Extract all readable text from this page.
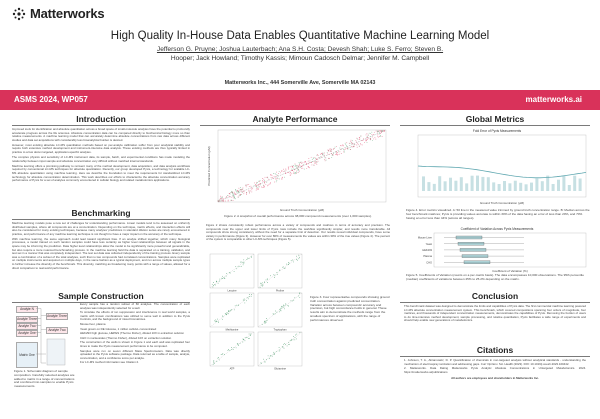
Matterworks
High Quality In-House Data Enables Quantitative Machine Learning Model
Jefferson G. Pruyne; Joshua Lauterbach; Ana S.H. Costa; Devesh Shah; Luke S. Ferro; Steven B.
Hooper; Jack Howland; Timothy Kassis; Mimoun Cadosch Delmar; Jennifer M. Campbell
Matterworks Inc., 444 Somerville Ave, Somerville MA 02143
ASMS 2024, WP057	matterworks.ai
Introduction
Improved tools for identification and absolute quantitation across a broad space of small-molecule analytes have the potential to profoundly accelerate progress across the life sciences. Absolute concentration data can be compared directly to biochemical biology more so than relative measurements. A machine learning model that can accurately determine absolute concentrations from raw data across different studies and data set acquisitions with considerably less bioanalytical burden is desired.
However, most existing absolute LC-MS quantitation methods based on per-analyte calibration suffer from poor analytical stability and require both extensive method development and instrument-intensive data analysis. These existing methods are thus typically limited in practice to a few dozen targeted, application-specific analytes.
The complex physics and sensitivity of LC-MS instrument data, its sample, batch, and experimental conditions has made modeling the relationship between input sample and absolute concentration very difficult without matched internal standards.
Machine learning offers a promising pathway to reinvent many of the method development, data acquisition, and data analysis workflows required by conventional LC-MS techniques for absolute quantitation. Recently, our group developed Pyxis, a technology for scalable LC-MS absolute quantitation using machine learning. Here we describe the foundation to meet the requirements for standardized LC-MS technology for absolute concentration determination. This work describes our efforts to characterize the absolute concentration accuracy performance of Pyxis for a set of analytes commonly encountered in cellular biology and related metabolomics applications.
Benchmarking
Machine learning models pose a new set of challenges for understanding performance. Linear models tend to be assessed on uniformly distributed samples, where all compounds are at a concentration. Depending on the technique, matrix effects, and interaction effects will also be considered for many existing techniques, because many analytes' predictions in standard dilution series are rarely encountered in practice, and performance of any machine learning technique is not thought to have a major impact on the accuracy of the technique.
With machine learning, the same approach could lead toward significant bias. If an analyte shifted together, which many biological processes, a model trained on such random samples could have less certainty as higher level relationships between all signals in the space may be informing the prediction. Data higher level relationships allow the model to be significantly more powerful and generalizable, but also require a more nuanced benchmarking process. In the machine learning field the data is separated on a training, validation, and test set in a manner that was completely independent. The test set data was collected independently of the training process. Every sample was a combination of a subset of the total analytes, such that no two compounds had correlated concentrations. Samples were replicated on multiple instruments and acquired on multiple days, in the same fashion as a typical deployment, and run across multiple sample types to further increase the diversity of the benchmark. This diversity, matching as broadening many points with a range of values, allowed for a direct comparison to real-world performance.
Sample Construction
Analyte N
Analyte Three
Analyte Two
Analyte One
Matrix One
Analyte Three
Analyte Two
Figure 1. Schematic diagram of sample composition. Carefully selected analytes are added to matrix in a range of concentrations and combined into samples to enable Pyxis measurements.
Every sample has a random subset of 60 analytes. The concentration of each analytes was independently selected for a well.
To simulate the effects of ion suppression and interference in real world samples, a matrix with known combinations was utilized to serve well in addition to the Pyxis Controls, and the background of mixed biomatrices.
Mouse liver, plasma
Yeast grown on DE Glucose, 1 million cells/uL concentrated
HEK293 high glucose, HEPES (Thermo Fisher), diluted 10X in extraction solution
CHO in nucleosides (Thermo Fisher), diluted 10X on extraction solution
The construction of the wells is shown in Figure 1 and each well was replicated four times to make the Pyxis measurement performance to be computed.
Samples were run on seven different Mass Spectrometers. Data was directly uploaded to the Pyxis software package. Data returned as a table of sample, analyte, concentration, and a confidence score per analyte.
For LC-MS method information see Citation 2.
Analyte Performance
Ground Truth Concentration (µM)
Predicted Concentration (µM)
Figure 2. A snapshot of overall performance across 38,000 compound measurements (over 1,000 samples).
Figure 2 shows consistently robust performance across a variety of compounds and matrices in terms of accuracy and precision. The compounds near the upper and lower limits of Pyxis rows include the workflow significantly simpler, and results more transferable. All compounds show strong consistency without the need for a separate limit of detection. Our results reveal individual compounds, have some variety in performance (Figure 3). However for over 80% of measurements the values are within 30% of the true values (Figure 4). The percent of the system is comparable to other LC-MS techniques (Figure 5).
Leucine	Proline
Methionine	Tryptophan
ATP	Glutamine
Figure 3. Four representative compounds showing ground truth concentration against predicted concentration. Variation across between compounds' accuracy and precision, but high concordance holds in general. These results aim to demonstrate the methods range from the smallest spectrum of applications, with the range of performances observed.
Global Metrics
Fold Error of Pyxis Measurements
Ground Truth Concentration (µM)
Figure 4. Error metrics visualized. A: 50 line in the measured value trimmed by ground truth concentration range. B: Median across the four benchmark matrices; Pyxis is providing values accurate to within 30% of the data having an error of less than 20%, and 70% having an error less than 44% (across all ranges).
Coefficient of Variation Across Pyxis Measurements
Mouse Liver
Yeast
HEK293
Plasma
CHO
Coefficient of Variation (%)
Figure 5. Coefficients of Variation (counts on a per-matrix basis). The data encompasses 10,000 observations. The 95th percentile (median) coefficients of variations between 25% to 25.2% depending on the matrix.
Conclusion
This benchmark dataset was designed to demonstrate the limits and capabilities of Pyxis data. The first commercial machine learning powered LC-MS absolute concentration measurement system. This benchmark, which covered compositions spanning four orders of magnitude, four matrices, and thousands of independent concentration measurements, demonstrates the capabilities of Pyxis. Removing the burden of users to do time-intensive method development, sample processing, and relative quantitation, Pyxis facilitates a wide range of experiments and should help enable new generations of metabolomics.
Citations
1. Johnson, T. A., Abramowitz, D. P. Quantification of chemicals in non-targeted analysis without analytical standards - understanding the mechanism of electrospray ionization and addressing gaps. Curr Opi Env. Sci. Health (2023). DOI: 10.1016/j.coesh.2023.100442.
2. Matterworks. Data Dating Matterworks Pyxis Analytic Absolute Concentrations in Untargeted Metabolomics. 2024. https://matterworks.ai/publications
All authors are employees and shareholders in Matterworks Inc.
